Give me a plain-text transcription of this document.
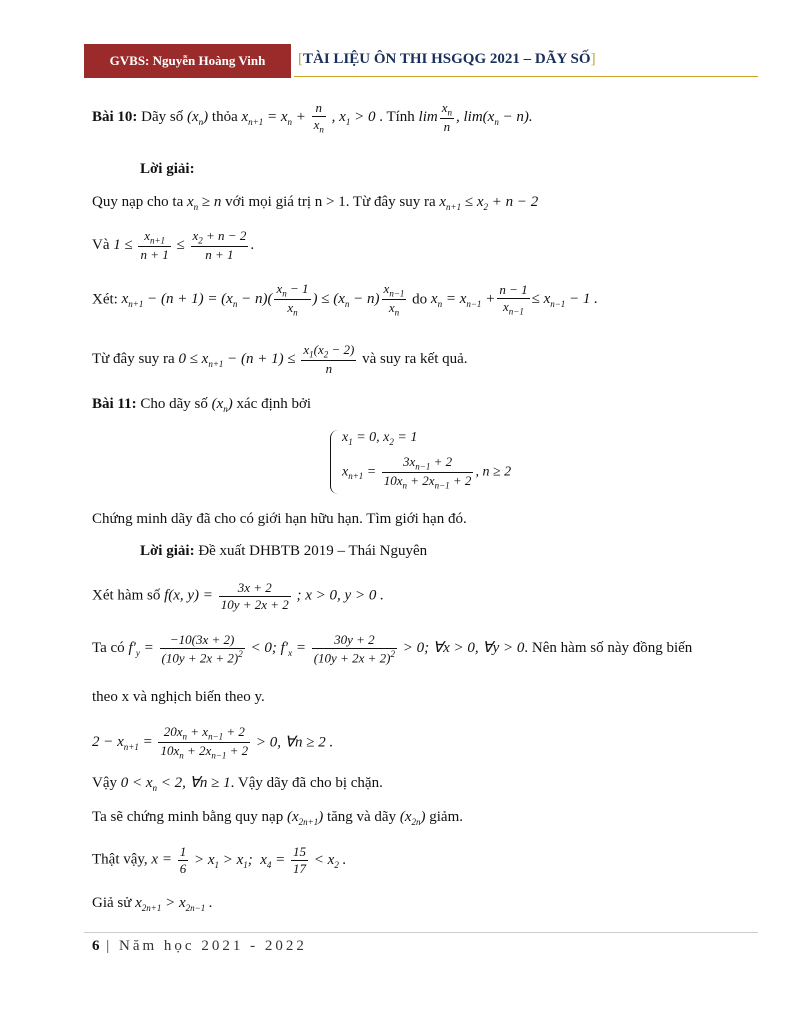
GVBS: Nguyễn Hoàng Vinh	[TÀI LIỆU ÔN THI HSGQG 2021 – DÃY SỐ]
Bài 10: Dãy số $(x_n)$ thỏa $x_{n+1} = x_n + \frac{n}{x_n}$ , $x_1 > 0$ . Tính $\lim \frac{x_n}{n}$ , $\lim(x_n - n)$.
Lời giải:
Quy nạp cho ta $x_n \ge n$ với mọi giá trị n > 1. Từ đây suy ra $x_{n+1} \le x_2 + n - 2$
Và $1 \le \frac{x_{n+1}}{n + 1} \le \frac{x_2 + n - 2}{n + 1}$ .
Xét: $x_{n+1} - (n + 1) = (x_n - n)( \frac{x_n - 1}{x_n}$ ) ≤ $(x_n - n) \frac{x_{n-1}}{x_n}$ do $x_n = x_{n-1} + \frac{n - 1}{x_{n-1}} \le x_{n-1} - 1$ .
Từ đây suy ra $0 \le x_{n+1} - (n + 1) \le \frac{x_1(x_2 - 2)}{n}$ và suy ra kết quả.
Bài 11: Cho dãy số $(x_n)$ xác định bởi
$x_1 = 0$, $x_2 = 1$
$x_{n+1} = \frac{3x_{n-1} + 2}{10x_n + 2x_{n-1} + 2}$ , n ≥ 2
Chứng minh dãy đã cho có giới hạn hữu hạn. Tìm giới hạn đó.
Lời giải: Đề xuất DHBTB 2019 – Thái Nguyên
Xét hàm số f(x, $y) = \frac{3x + 2}{10y + 2x + 2}$ ; x > 0, y > 0 .
Ta có $f'_y = \frac{-10(3x + 2)}{(10y + 2x + 2)^2} < 0$; $f'_x = \frac{30y + 2}{(10y + 2x + 2)^2} > 0$; ∀x > 0, ∀y > 0. Nên hàm số này đồng biến
theo x và nghịch biến theo y.
$2 - x_{n+1} = \frac{20x_n + x_{n-1} + 2}{10x_n + 2x_{n-1} + 2} > 0$, ∀n ≥ 2 .
Vậy $0 < x_n < 2$, ∀n ≥ 1. Vậy dãy đã cho bị chặn.
Ta sẽ chứng minh bằng quy nạp $(x_{2n+1})$ tăng và dãy $(x_{2n})$ giảm.
Thật vậy, $x = \frac{1}{6} > x_1 > x_1$;  $x_4 = \frac{15}{17} < x_2$ .
Giả sử $x_{2n+1} > x_{2n-1}$ .
6 | Năm học 2021 - 2022
